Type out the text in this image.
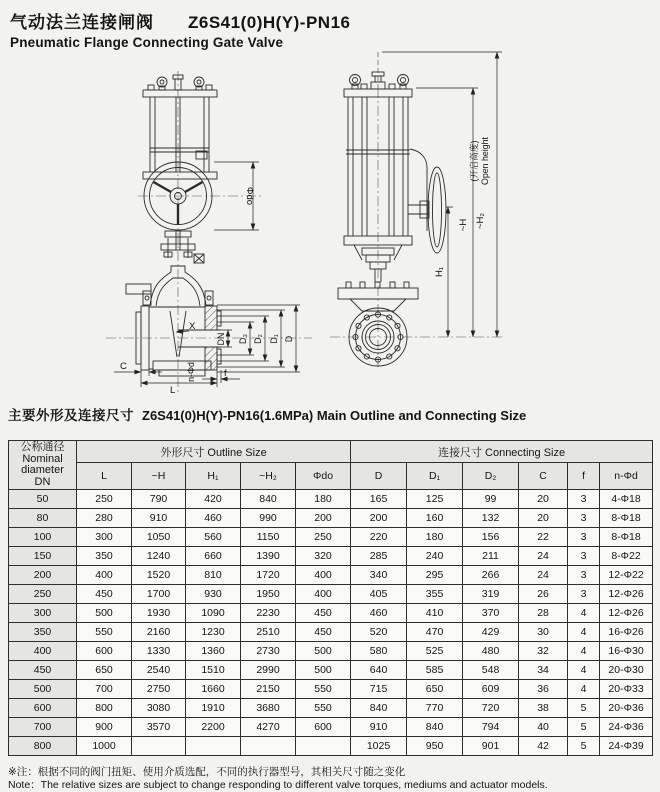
气动法兰连接闸阀 Z6S41(0)H(Y)-PN16
Pneumatic Flange Connecting Gate Valve
Φdo
X
DN D₃ D₂ D₁ D
C
f
L
n-Φd
H₁
~H ~H₂
(开启高度) Open height
主要外形及连接尺寸 Z6S41(0)H(Y)-PN16(1.6MPa) Main Outline and Connecting Size
公称通径
Nominal
diameter
DN	外形尺寸 Outline Size					连接尺寸 Connecting Size					
	L	~H	H₁	~H₂	Φdo	D	D₁	D₂	C	f	n-Φd
50	250	790	420	840	180	165	125	99	20	3	4-Φ18
80	280	910	460	990	200	200	160	132	20	3	8-Φ18
100	300	1050	560	1150	250	220	180	156	22	3	8-Φ18
150	350	1240	660	1390	320	285	240	211	24	3	8-Φ22
200	400	1520	810	1720	400	340	295	266	24	3	12-Φ22
250	450	1700	930	1950	400	405	355	319	26	3	12-Φ26
300	500	1930	1090	2230	450	460	410	370	28	4	12-Φ26
350	550	2160	1230	2510	450	520	470	429	30	4	16-Φ26
400	600	1330	1360	2730	500	580	525	480	32	4	16-Φ30
450	650	2540	1510	2990	500	640	585	548	34	4	20-Φ30
500	700	2750	1660	2150	550	715	650	609	36	4	20-Φ33
600	800	3080	1910	3680	550	840	770	720	38	5	20-Φ36
700	900	3570	2200	4270	600	910	840	794	40	5	24-Φ36
800	1000					1025	950	901	42	5	24-Φ39
※注：根据不同的阀门扭矩、使用介质选配，不同的执行器型号，其相关尺寸随之变化
Note：The relative sizes are subject to change responding to different valve torques, mediums and actuator models.
